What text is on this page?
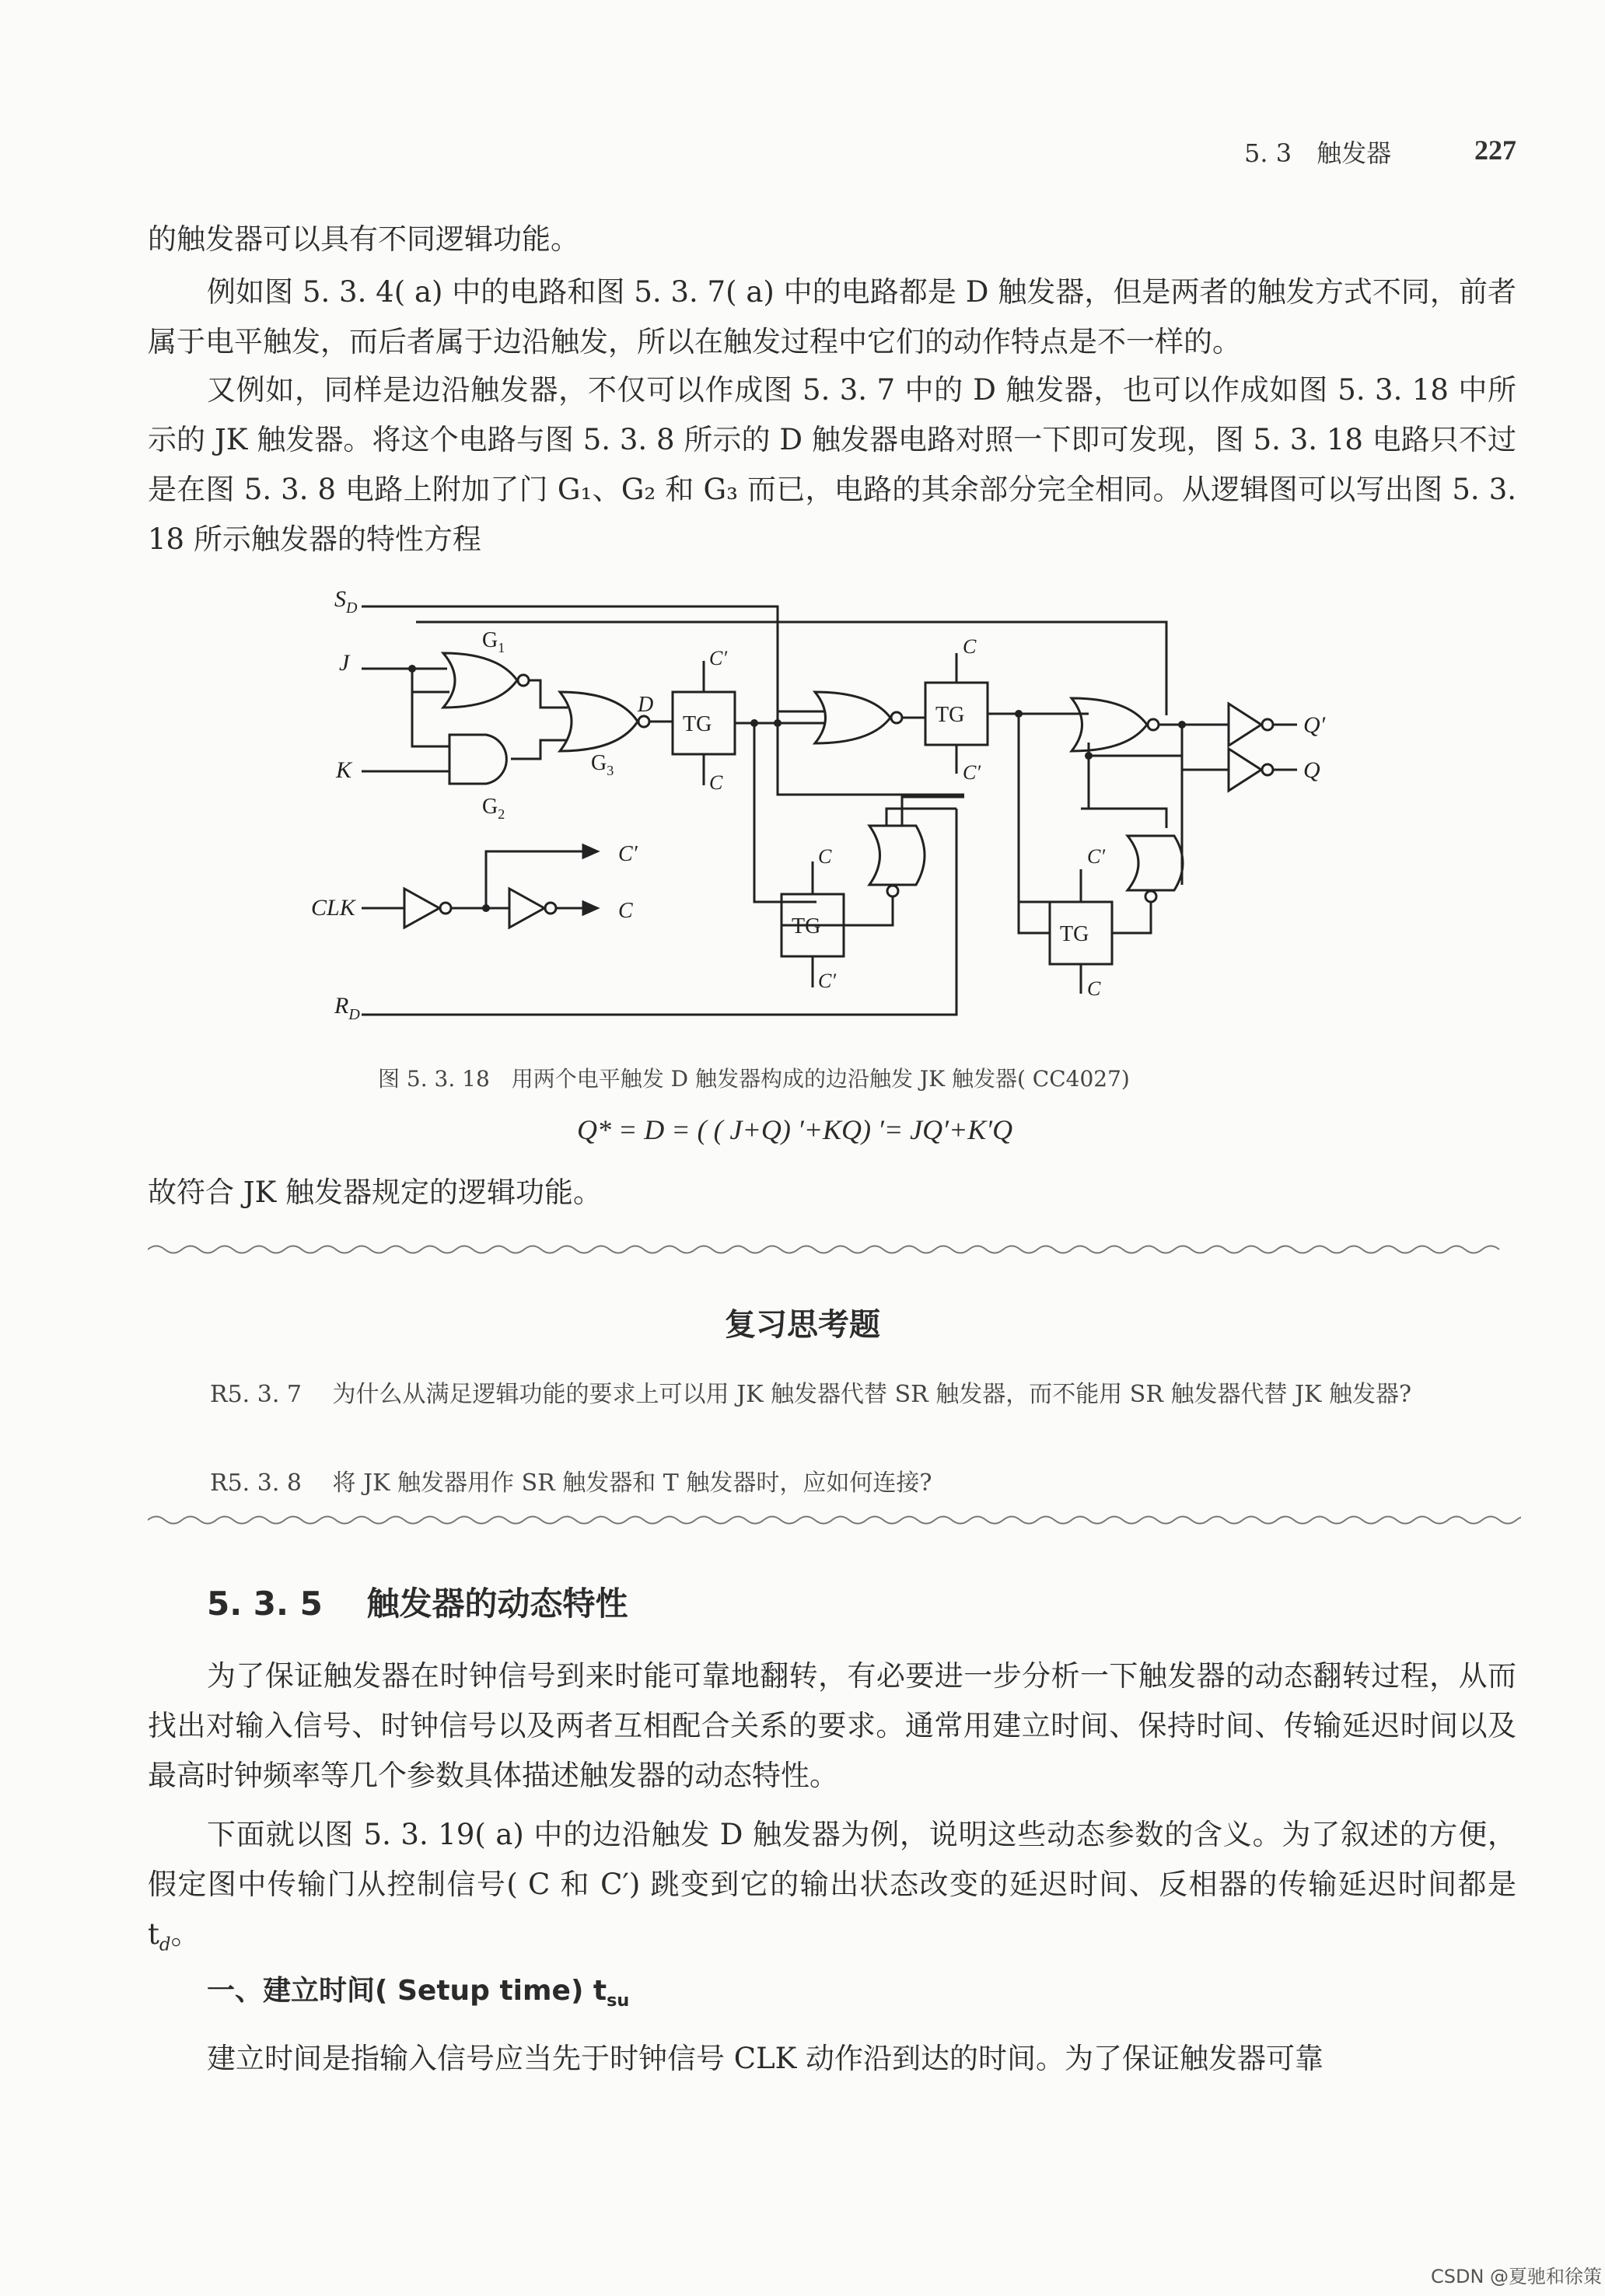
5. 3　触发器	227

的触发器可以具有不同逻辑功能。

例如图 5. 3. 4( a) 中的电路和图 5. 3. 7( a) 中的电路都是 D 触发器，但是两者的触发方式不同，前者属于电平触发，而后者属于边沿触发，所以在触发过程中它们的动作特点是不一样的。

又例如，同样是边沿触发器，不仅可以作成图 5. 3. 7 中的 D 触发器，也可以作成如图 5. 3. 18 中所示的 JK 触发器。将这个电路与图 5. 3. 8 所示的 D 触发器电路对照一下即可发现，图 5. 3. 18 电路只不过是在图 5. 3. 8 电路上附加了门 G₁、G₂ 和 G₃ 而已，电路的其余部分完全相同。从逻辑图可以写出图 5. 3. 18 所示触发器的特性方程

$S_D$
J
K
CLK
$R_D$
$G_1$
$G_2$
$G_3$
D
TG
C′
C
TG
C
C′
TG
C
C′
Q′
Q
TG
C′
C
C′
C
图 5. 3. 18　用两个电平触发 D 触发器构成的边沿触发 JK 触发器( CC4027)
Q* = D = ( ( J+Q) ′+KQ) ′= JQ′+K′Q

故符合 JK 触发器规定的逻辑功能。

复习思考题
R5. 3. 7　 为什么从满足逻辑功能的要求上可以用 JK 触发器代替 SR 触发器，而不能用 SR 触发器代替 JK 触发器?
R5. 3. 8　 将 JK 触发器用作 SR 触发器和 T 触发器时，应如何连接?
5. 3. 5　 触发器的动态特性

为了保证触发器在时钟信号到来时能可靠地翻转，有必要进一步分析一下触发器的动态翻转过程，从而找出对输入信号、时钟信号以及两者互相配合关系的要求。通常用建立时间、保持时间、传输延迟时间以及最高时钟频率等几个参数具体描述触发器的动态特性。

下面就以图 5. 3. 19( a) 中的边沿触发 D 触发器为例，说明这些动态参数的含义。为了叙述的方便，假定图中传输门从控制信号( C 和 C′) 跳变到它的输出状态改变的延迟时间、反相器的传输延迟时间都是 $t_d$。

一、建立时间( Setup time) $t_{su}$

建立时间是指输入信号应当先于时钟信号 CLK 动作沿到达的时间。为了保证触发器可靠

CSDN @夏驰和徐策
